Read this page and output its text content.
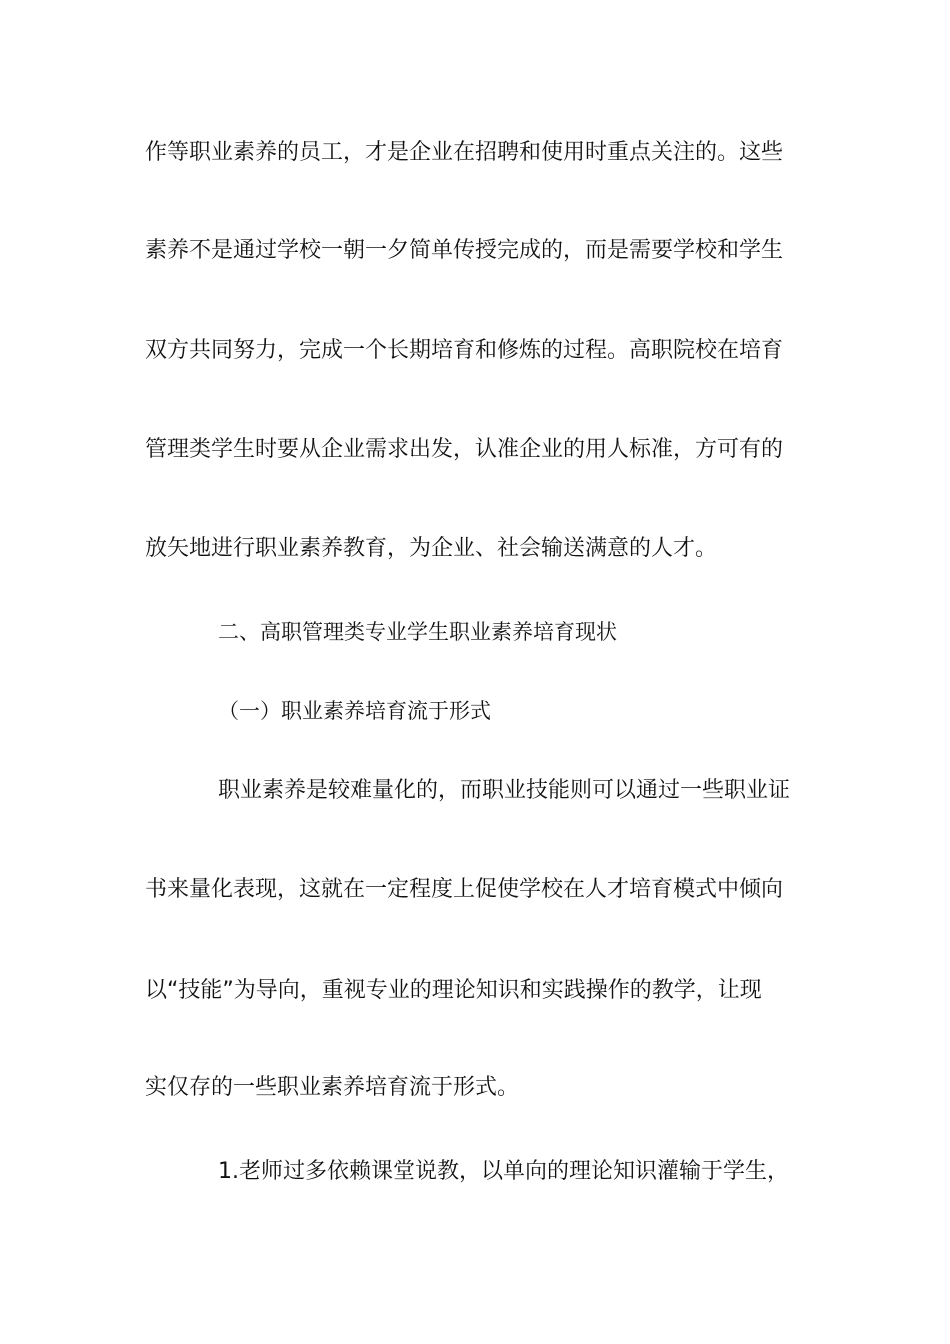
作等职业素养的员工，才是企业在招聘和使用时重点关注的。这些
素养不是通过学校一朝一夕简单传授完成的，而是需要学校和学生
双方共同努力，完成一个长期培育和修炼的过程。高职院校在培育
管理类学生时要从企业需求出发，认准企业的用人标准，方可有的
放矢地进行职业素养教育，为企业、社会输送满意的人才。
二、高职管理类专业学生职业素养培育现状
（一）职业素养培育流于形式
职业素养是较难量化的，而职业技能则可以通过一些职业证
书来量化表现，这就在一定程度上促使学校在人才培育模式中倾向
以“技能”为导向，重视专业的理论知识和实践操作的教学，让现
实仅存的一些职业素养培育流于形式。
1.老师过多依赖课堂说教，以单向的理论知识灌输于学生，
